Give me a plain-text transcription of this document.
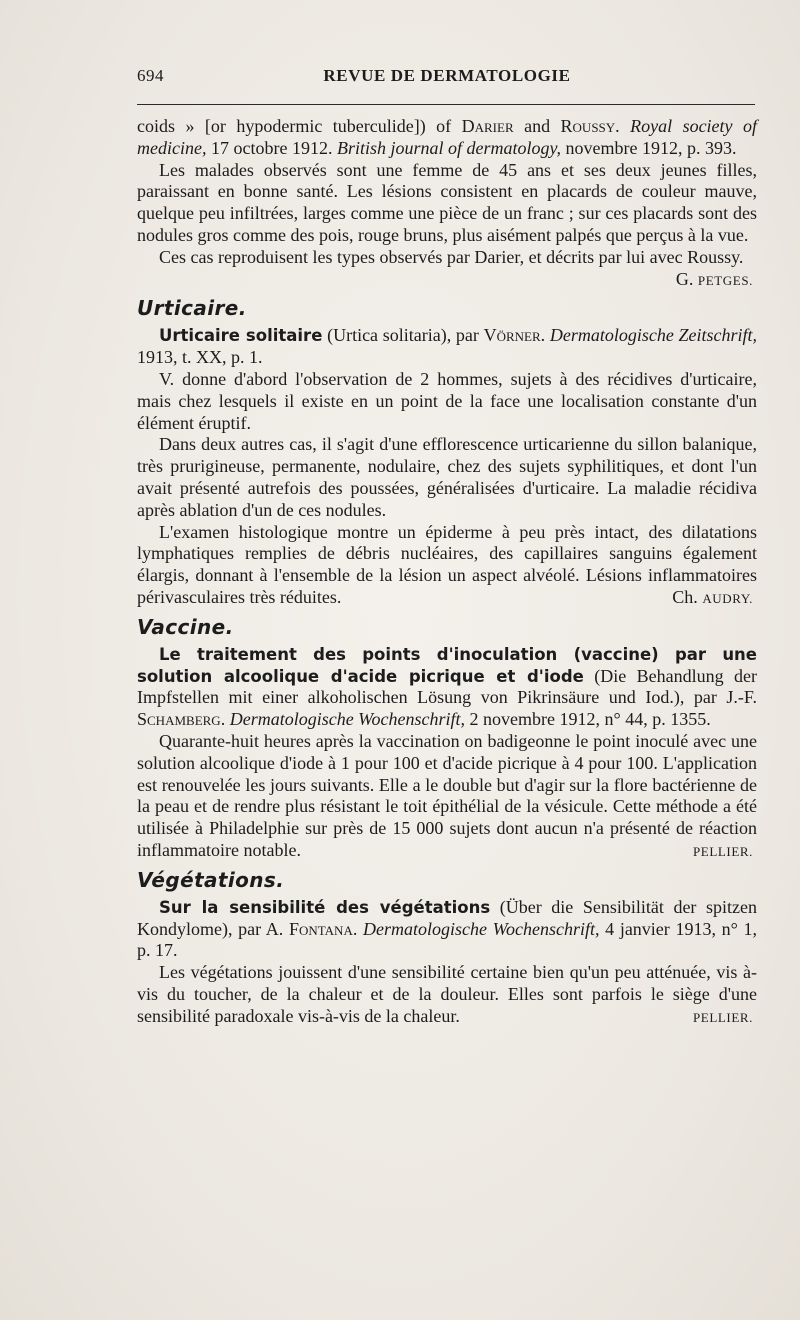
694	REVUE DE DERMATOLOGIE

coids » [or hypodermic tuberculide]) of Darier and Roussy. Royal society of medicine, 17 octobre 1912. British journal of dermatology, novembre 1912, p. 393.

Les malades observés sont une femme de 45 ans et ses deux jeunes filles, paraissant en bonne santé. Les lésions consistent en placards de couleur mauve, quelque peu infiltrées, larges comme une pièce de un franc ; sur ces placards sont des nodules gros comme des pois, rouge bruns, plus aisément palpés que perçus à la vue.

Ces cas reproduisent les types observés par Darier, et décrits par lui avec Roussy.
G. PETGES.

Urticaire.

Urticaire solitaire (Urtica solitaria), par Vörner. Dermatologische Zeitschrift, 1913, t. XX, p. 1.

V. donne d'abord l'observation de 2 hommes, sujets à des récidives d'urticaire, mais chez lesquels il existe en un point de la face une localisation constante d'un élément éruptif.

Dans deux autres cas, il s'agit d'une efflorescence urticarienne du sillon balanique, très prurigineuse, permanente, nodulaire, chez des sujets syphilitiques, et dont l'un avait présenté autrefois des poussées, généralisées d'urticaire. La maladie récidiva après ablation d'un de ces nodules.

L'examen histologique montre un épiderme à peu près intact, des dilatations lymphatiques remplies de débris nucléaires, des capillaires sanguins également élargis, donnant à l'ensemble de la lésion un aspect alvéolé. Lésions inflammatoires périvasculaires très réduites.	Ch. AUDRY.

Vaccine.

Le traitement des points d'inoculation (vaccine) par une solution alcoolique d'acide picrique et d'iode (Die Behandlung der Impfstellen mit einer alkoholischen Lösung von Pikrinsäure und Iod.), par J.-F. Schamberg. Dermatologische Wochenschrift, 2 novembre 1912, n° 44, p. 1355.

Quarante-huit heures après la vaccination on badigeonne le point inoculé avec une solution alcoolique d'iode à 1 pour 100 et d'acide picrique à 4 pour 100. L'application est renouvelée les jours suivants. Elle a le double but d'agir sur la flore bactérienne de la peau et de rendre plus résistant le toit épithélial de la vésicule. Cette méthode a été utilisée à Philadelphie sur près de 15 000 sujets dont aucun n'a présenté de réaction inflammatoire notable.	PELLIER.

Végétations.

Sur la sensibilité des végétations (Über die Sensibilität der spitzen Kondylome), par A. Fontana. Dermatologische Wochenschrift, 4 janvier 1913, n° 1, p. 17.

Les végétations jouissent d'une sensibilité certaine bien qu'un peu atténuée, vis à-vis du toucher, de la chaleur et de la douleur. Elles sont parfois le siège d'une sensibilité paradoxale vis-à-vis de la chaleur.	PELLIER.
